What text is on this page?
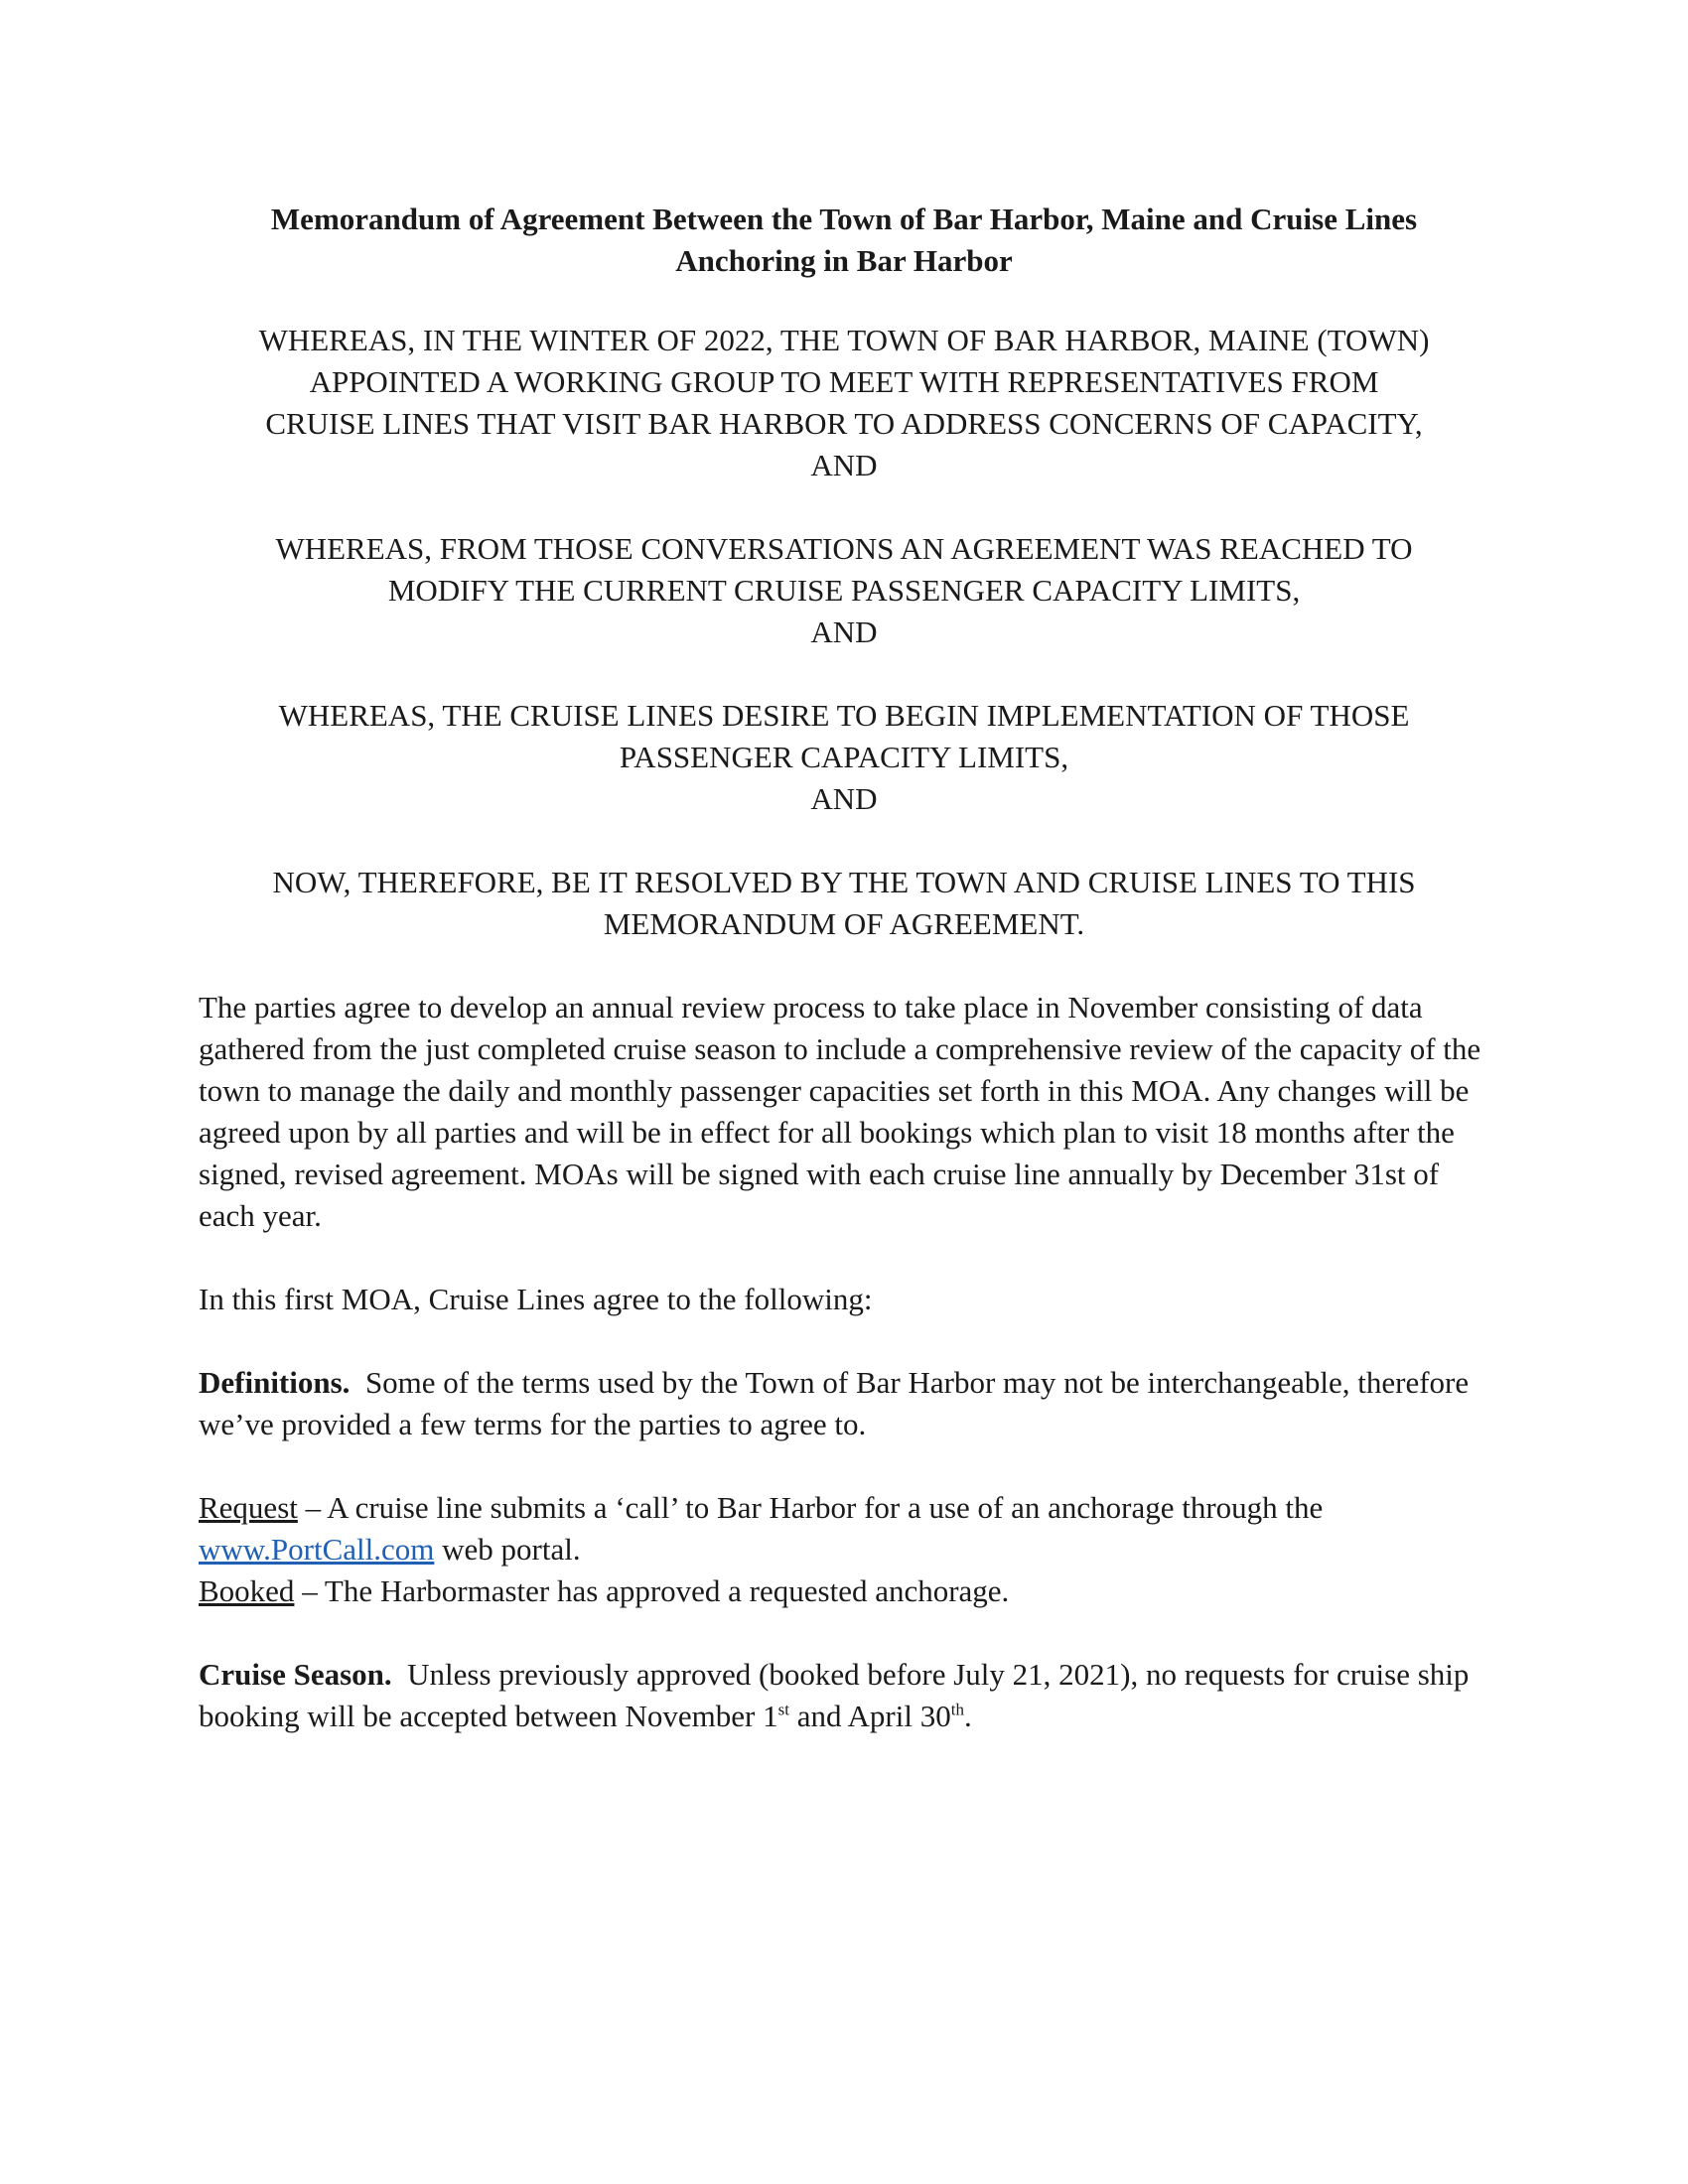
Memorandum of Agreement Between the Town of Bar Harbor, Maine and Cruise Lines
Anchoring in Bar Harbor

WHEREAS, IN THE WINTER OF 2022, THE TOWN OF BAR HARBOR, MAINE (TOWN)
APPOINTED A WORKING GROUP TO MEET WITH REPRESENTATIVES FROM
CRUISE LINES THAT VISIT BAR HARBOR TO ADDRESS CONCERNS OF CAPACITY,
AND

WHEREAS, FROM THOSE CONVERSATIONS AN AGREEMENT WAS REACHED TO
MODIFY THE CURRENT CRUISE PASSENGER CAPACITY LIMITS,
AND

WHEREAS, THE CRUISE LINES DESIRE TO BEGIN IMPLEMENTATION OF THOSE
PASSENGER CAPACITY LIMITS,
AND

NOW, THEREFORE, BE IT RESOLVED BY THE TOWN AND CRUISE LINES TO THIS
MEMORANDUM OF AGREEMENT.

The parties agree to develop an annual review process to take place in November consisting of data gathered from the just completed cruise season to include a comprehensive review of the capacity of the town to manage the daily and monthly passenger capacities set forth in this MOA. Any changes will be agreed upon by all parties and will be in effect for all bookings which plan to visit 18 months after the signed, revised agreement. MOAs will be signed with each cruise line annually by December 31st of each year.

In this first MOA, Cruise Lines agree to the following:

Definitions. Some of the terms used by the Town of Bar Harbor may not be interchangeable, therefore we’ve provided a few terms for the parties to agree to.

Request – A cruise line submits a ‘call’ to Bar Harbor for a use of an anchorage through the www.PortCall.com web portal.

Booked – The Harbormaster has approved a requested anchorage.

Cruise Season. Unless previously approved (booked before July 21, 2021), no requests for cruise ship booking will be accepted between November 1st and April 30th.
